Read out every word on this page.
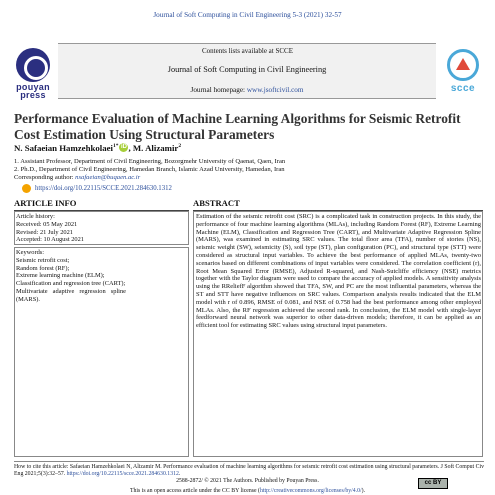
Journal of Soft Computing in Civil Engineering 5-3 (2021) 32-57
Contents lists available at SCCE
Journal of Soft Computing in Civil Engineering
Journal homepage: www.jsoftcivil.com
pouyan press
scce
Performance Evaluation of Machine Learning Algorithms for Seismic Retrofit Cost Estimation Using Structural Parameters
N. Safaeian Hamzehkolaei$^{1*}$ iD , M. Alizamir$^2$
1. Assistant Professor, Department of Civil Engineering, Bozorgmehr University of Qaenat, Qaen, Iran
2. Ph.D., Department of Civil Engineering, Hamedan Branch, Islamic Azad University, Hamedan, Iran
Corresponding author: nsafaeian@buqaen.ac.ir
https://doi.org/10.22115/SCCE.2021.284630.1312
ARTICLE INFO	ABSTRACT
Article history:
Received: 05 May 2021
Revised: 21 July 2021
Accepted: 10 August 2021
Keywords:
Seismic retrofit cost;
Random forest (RF);
Extreme learning machine (ELM);
Classification and regression tree (CART);
Multivariate adaptive regression spline (MARS).
Estimation of the seismic retrofit cost (SRC) is a complicated task in construction projects. In this study, the performance of four machine learning algorithms (MLAs), including Random Forest (RF), Extreme Learning Machine (ELM), Classification and Regression Tree (CART), and Multivariate Adaptive Regression Spline (MARS), was examined in estimating SRC values. The total floor area (TFA), number of stories (NS), seismic weight (SW), seismicity (S), soil type (ST), plan configuration (PC), and structural type (STT) were considered as structural input variables. To achieve the best performance of applied MLAs, twenty-two scenarios based on different combinations of input variables were considered. The correlation coefficient (r), Root Mean Squared Error (RMSE), Adjusted R-squared, and Nash-Sutcliffe efficiency (NSE) metrics together with the Taylor diagram were used to compare the accuracy of applied models. A sensitivity analysis using the RReliefF algorithm showed that TFA, SW, and PC are the most influential parameters, whereas the ST and STT have negative influences on SRC values. Comparison analysis results indicated that the ELM model with r of 0.896, RMSE of 0.081, and NSE of 0.758 had the best performance among other employed MLAs. Also, the RF regression achieved the second rank. In conclusion, the ELM model with single-layer feedforward neural network was superior to other data-driven models; therefore, it can be applied as an efficient tool for estimating SRC values using structural input parameters.
How to cite this article: Safaeian Hamzehkolaei N, Alizamir M. Performance evaluation of machine learning algorithms for seismic retrofit cost estimation using structural parameters. J Soft Comput Civ Eng 2021;5(3):32–57. https://doi.org/10.22115/scce.2021.284630.1312.
2588-2872/ © 2021 The Authors. Published by Pouyan Press.	cc BY
This is an open access article under the CC BY license (http://creativecommons.org/licenses/by/4.0/).
